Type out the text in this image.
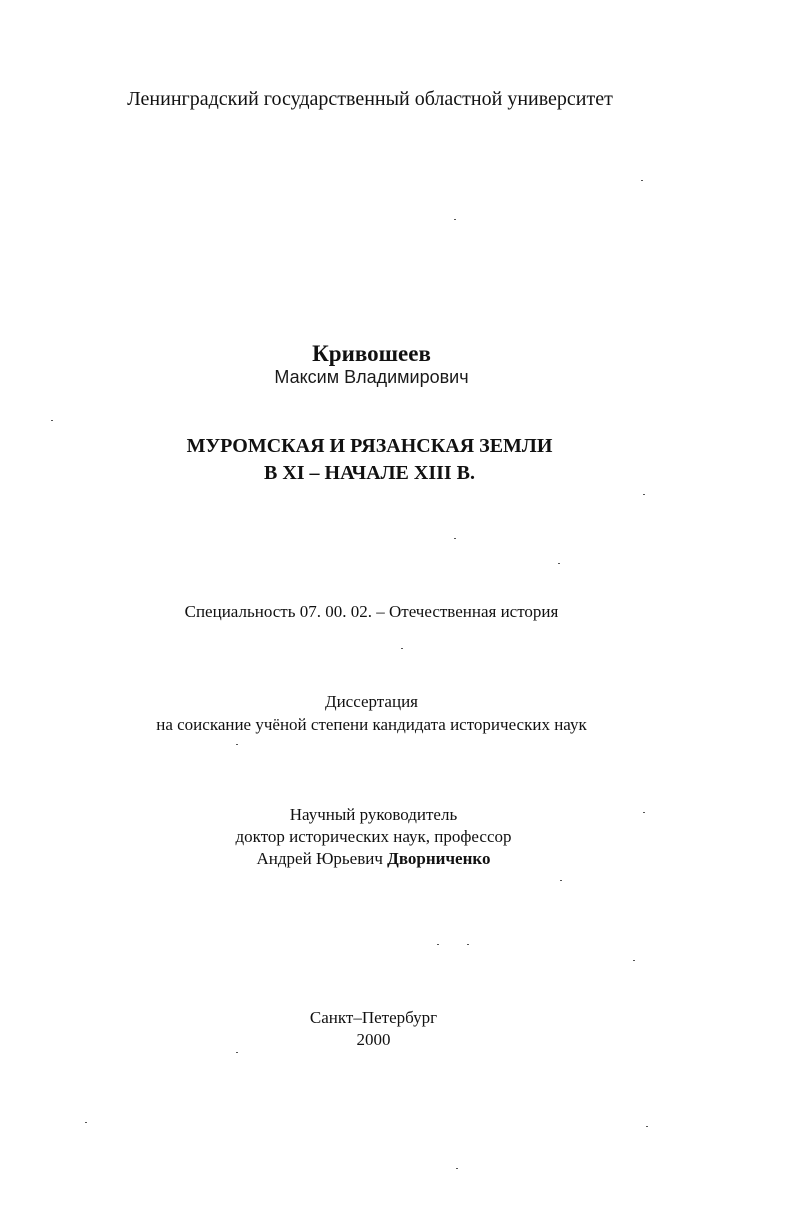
Ленинградский государственный областной университет
Кривошеев
Максим Владимирович
МУРОМСКАЯ И РЯЗАНСКАЯ ЗЕМЛИ
В XI – НАЧАЛЕ XIII В.
Специальность 07. 00. 02. – Отечественная история
Диссертация
на соискание учёной степени кандидата исторических наук
Научный руководитель
доктор исторических наук, профессор
Андрей Юрьевич Дворниченко
Санкт–Петербург
2000
